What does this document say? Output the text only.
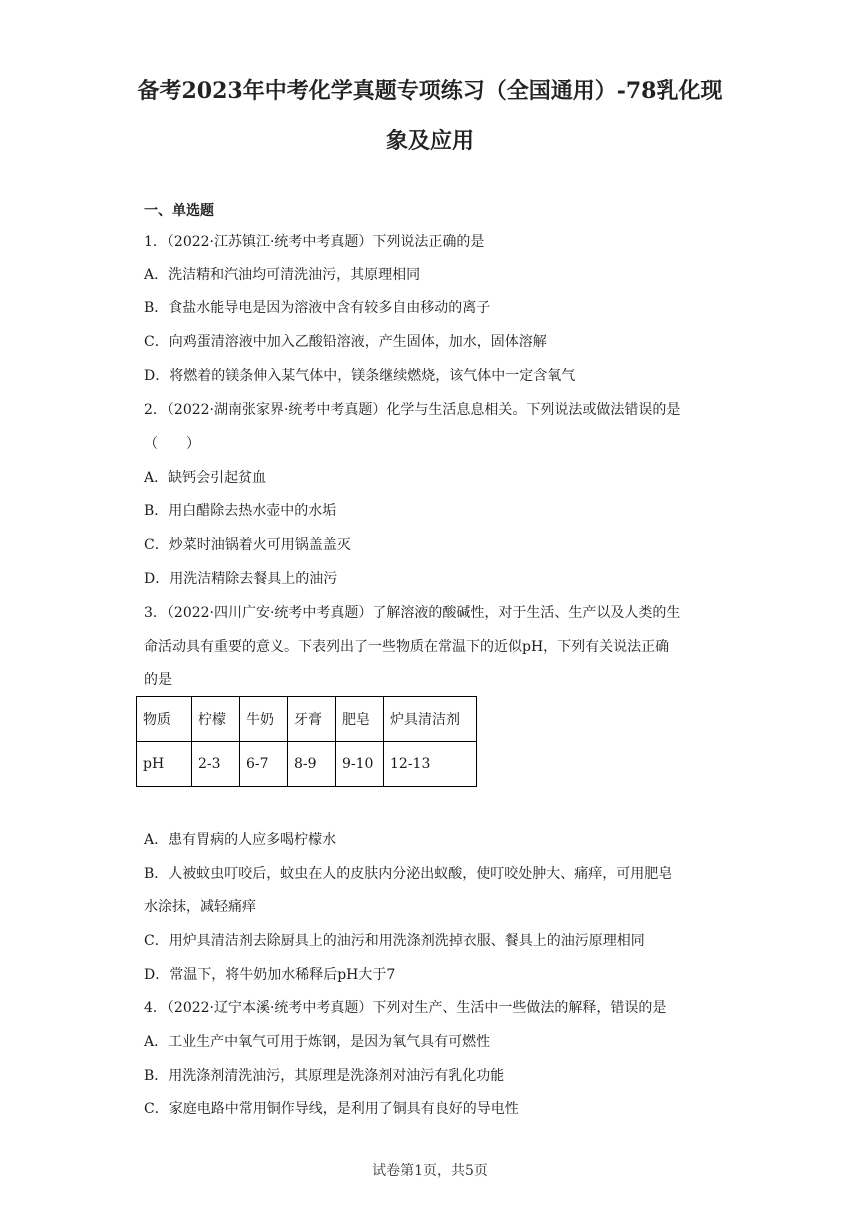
备考2023年中考化学真题专项练习（全国通用）-78乳化现
象及应用
一、单选题
1．（2022·江苏镇江·统考中考真题）下列说法正确的是
A．洗洁精和汽油均可清洗油污，其原理相同
B．食盐水能导电是因为溶液中含有较多自由移动的离子
C．向鸡蛋清溶液中加入乙酸铅溶液，产生固体，加水，固体溶解
D．将燃着的镁条伸入某气体中，镁条继续燃烧，该气体中一定含氧气
2．（2022·湖南张家界·统考中考真题）化学与生活息息相关。下列说法或做法错误的是
（　　）
A．缺钙会引起贫血
B．用白醋除去热水壶中的水垢
C．炒菜时油锅着火可用锅盖盖灭
D．用洗洁精除去餐具上的油污
3．（2022·四川广安·统考中考真题）了解溶液的酸碱性，对于生活、生产以及人类的生
命活动具有重要的意义。下表列出了一些物质在常温下的近似pH，下列有关说法正确
的是
物质	柠檬	牛奶	牙膏	肥皂	炉具清洁剂
pH	2-3	6-7	8-9	9-10	12-13
A．患有胃病的人应多喝柠檬水
B．人被蚊虫叮咬后，蚊虫在人的皮肤内分泌出蚁酸，使叮咬处肿大、痛痒，可用肥皂
水涂抹，减轻痛痒
C．用炉具清洁剂去除厨具上的油污和用洗涤剂洗掉衣服、餐具上的油污原理相同
D．常温下，将牛奶加水稀释后pH大于7
4．（2022·辽宁本溪·统考中考真题）下列对生产、生活中一些做法的解释，错误的是
A．工业生产中氧气可用于炼钢，是因为氧气具有可燃性
B．用洗涤剂清洗油污，其原理是洗涤剂对油污有乳化功能
C．家庭电路中常用铜作导线，是利用了铜具有良好的导电性
试卷第1页，共5页
